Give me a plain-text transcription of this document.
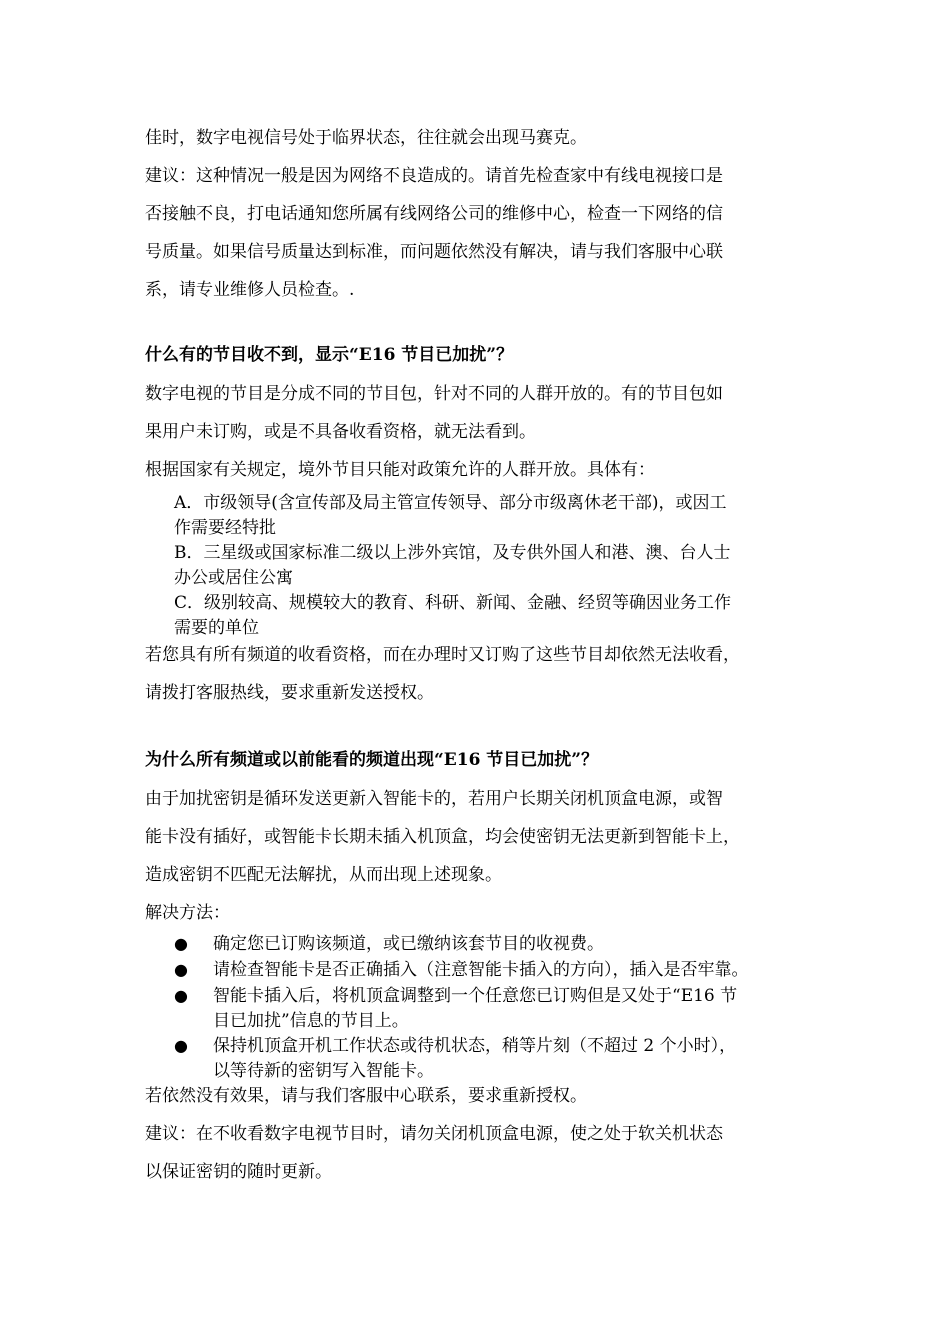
佳时，数字电视信号处于临界状态，往往就会出现马赛克。

建议：这种情况一般是因为网络不良造成的。请首先检查家中有线电视接口是

否接触不良，打电话通知您所属有线网络公司的维修中心，检查一下网络的信

号质量。如果信号质量达到标准，而问题依然没有解决，请与我们客服中心联

系，请专业维修人员检查。.

什么有的节目收不到，显示“E16 节目已加扰”？

数字电视的节目是分成不同的节目包，针对不同的人群开放的。有的节目包如

果用户未订购，或是不具备收看资格，就无法看到。

根据国家有关规定，境外节目只能对政策允许的人群开放。具体有：

A．市级领导(含宣传部及局主管宣传领导、部分市级离休老干部)，或因工
作需要经特批
B．三星级或国家标准二级以上涉外宾馆，及专供外国人和港、澳、台人士
办公或居住公寓
C．级别较高、规模较大的教育、科研、新闻、金融、经贸等确因业务工作
需要的单位

若您具有所有频道的收看资格，而在办理时又订购了这些节目却依然无法收看，

请拨打客服热线，要求重新发送授权。

为什么所有频道或以前能看的频道出现“E16 节目已加扰”？

由于加扰密钥是循环发送更新入智能卡的，若用户长期关闭机顶盒电源，或智

能卡没有插好，或智能卡长期未插入机顶盒，均会使密钥无法更新到智能卡上，

造成密钥不匹配无法解扰，从而出现上述现象。

解决方法：

● 确定您已订购该频道，或已缴纳该套节目的收视费。
● 请检查智能卡是否正确插入（注意智能卡插入的方向），插入是否牢靠。
● 智能卡插入后，将机顶盒调整到一个任意您已订购但是又处于“E16 节
目已加扰”信息的节目上。
● 保持机顶盒开机工作状态或待机状态，稍等片刻（不超过 2 个小时），
以等待新的密钥写入智能卡。

若依然没有效果，请与我们客服中心联系，要求重新授权。

建议：在不收看数字电视节目时，请勿关闭机顶盒电源，使之处于软关机状态

以保证密钥的随时更新。
